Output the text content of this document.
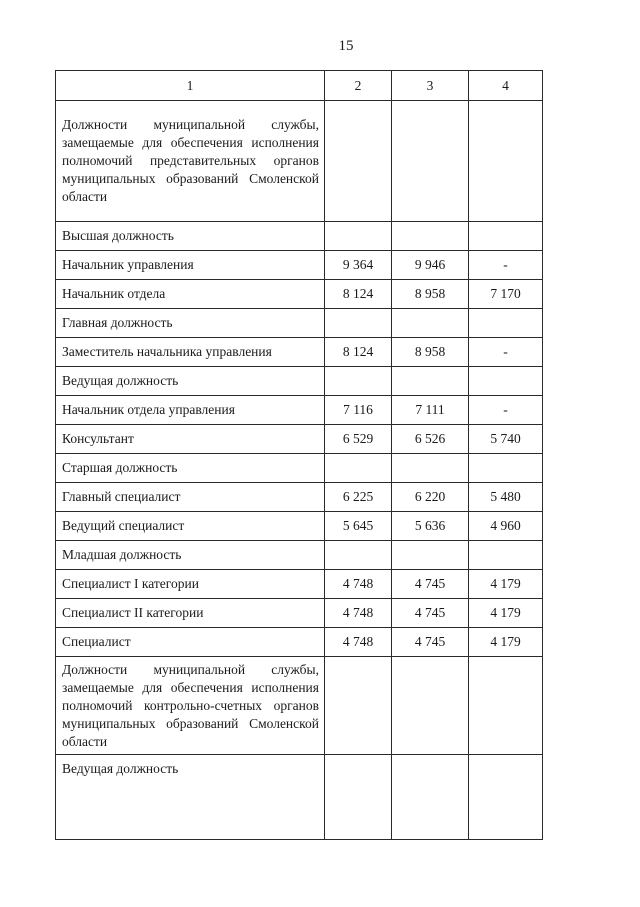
15
1	2	3	4
Должности муниципальной службы, замещаемые для обеспечения исполнения полномочий представительных органов муниципальных образований Смоленской области			
Высшая должность			
Начальник управления	9 364	9 946	-
Начальник отдела	8 124	8 958	7 170
Главная должность			
Заместитель начальника управления	8 124	8 958	-
Ведущая должность			
Начальник отдела управления	7 116	7 111	-
Консультант	6 529	6 526	5 740
Старшая должность			
Главный специалист	6 225	6 220	5 480
Ведущий специалист	5 645	5 636	4 960
Младшая должность			
Специалист I категории	4 748	4 745	4 179
Специалист II категории	4 748	4 745	4 179
Специалист	4 748	4 745	4 179
Должности муниципальной службы, замещаемые для обеспечения исполнения полномочий контрольно-счетных органов муниципальных образований Смоленской области			
Ведущая должность			
